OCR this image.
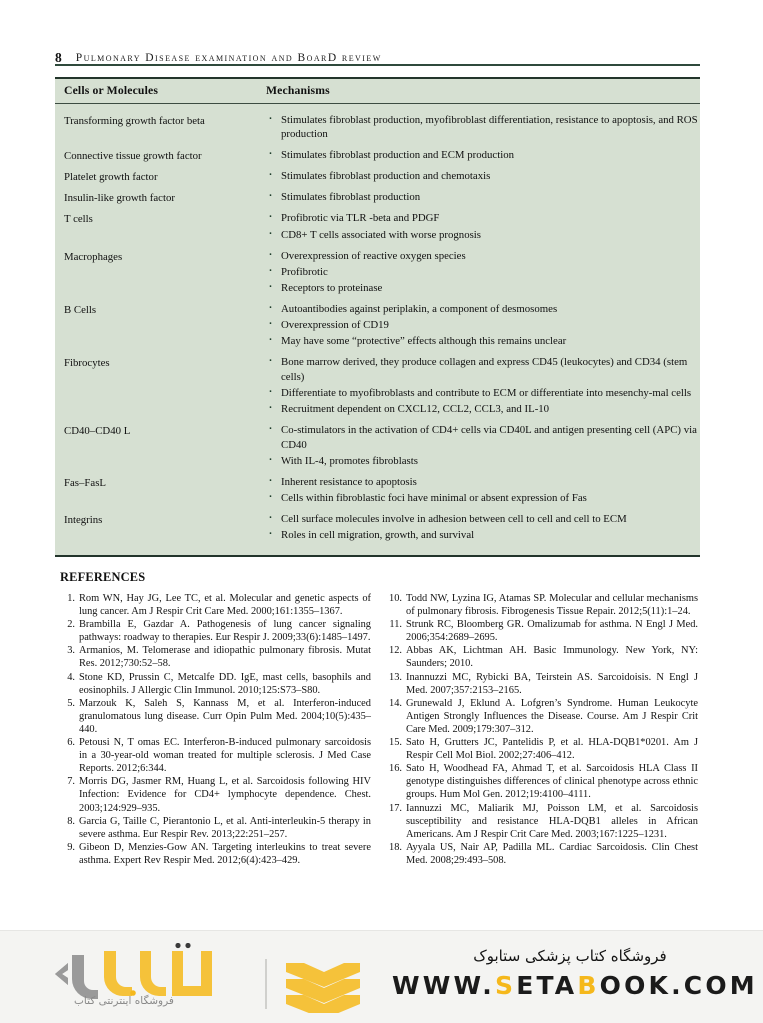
8 Pulmonary Disease examination and BoarD review
Cells or Molecules	Mechanisms
Transforming growth factor beta	· Stimulates fibroblast production, myofibroblast differentiation, resistance to apoptosis, and ROS production
Connective tissue growth factor	· Stimulates fibroblast production and ECM production
Platelet growth factor	· Stimulates fibroblast production and chemotaxis
Insulin-like growth factor	· Stimulates fibroblast production
T cells	· Profibrotic via TLR -beta and PDGF
· CD8+ T cells associated with worse prognosis
Macrophages	· Overexpression of reactive oxygen species
· Profibrotic
· Receptors to proteinase
B Cells	· Autoantibodies against periplakin, a component of desmosomes
· Overexpression of CD19
· May have some “protective” effects although this remains unclear
Fibrocytes	· Bone marrow derived, they produce collagen and express CD45 (leukocytes) and CD34 (stem cells)
· Differentiate to myofibroblasts and contribute to ECM or differentiate into mesenchy-mal cells
· Recruitment dependent on CXCL12, CCL2, CCL3, and IL-10
CD40–CD40 L	· Co-stimulators in the activation of CD4+ cells via CD40L and antigen presenting cell (APC) via CD40
· With IL-4, promotes fibroblasts
Fas–FasL	· Inherent resistance to apoptosis
· Cells within fibroblastic foci have minimal or absent expression of Fas
Integrins	· Cell surface molecules involve in adhesion between cell to cell and cell to ECM
· Roles in cell migration, growth, and survival
REFERENCES
1. Rom WN, Hay JG, Lee TC, et al. Molecular and genetic aspects of lung cancer. Am J Respir Crit Care Med. 2000;161:1355–1367.
2. Brambilla E, Gazdar A. Pathogenesis of lung cancer signaling pathways: roadway to therapies. Eur Respir J. 2009;33(6):1485–1497.
3. Armanios, M. Telomerase and idiopathic pulmonary fibrosis. Mutat Res. 2012;730:52–58.
4. Stone KD, Prussin C, Metcalfe DD. IgE, mast cells, basophils and eosinophils. J Allergic Clin Immunol. 2010;125:S73–S80.
5. Marzouk K, Saleh S, Kannass M, et al. Interferon-induced granulomatous lung disease. Curr Opin Pulm Med. 2004;10(5):435–440.
6. Petousi N, T omas EC. Interferon-B-induced pulmonary sarcoidosis in a 30-year-old woman treated for multiple sclerosis. J Med Case Reports. 2012;6:344.
7. Morris DG, Jasmer RM, Huang L, et al. Sarcoidosis following HIV Infection: Evidence for CD4+ lymphocyte dependence. Chest. 2003;124:929–935.
8. Garcia G, Taille C, Pierantonio L, et al. Anti-interleukin-5 therapy in severe asthma. Eur Respir Rev. 2013;22:251–257.
9. Gibeon D, Menzies-Gow AN. Targeting interleukins to treat severe asthma. Expert Rev Respir Med. 2012;6(4):423–429.
10. Todd NW, Lyzina IG, Atamas SP. Molecular and cellular mechanisms of pulmonary fibrosis. Fibrogenesis Tissue Repair. 2012;5(11):1–24.
11. Strunk RC, Bloomberg GR. Omalizumab for asthma. N Engl J Med. 2006;354:2689–2695.
12. Abbas AK, Lichtman AH. Basic Immunology. New York, NY: Saunders; 2010.
13. Inannuzzi MC, Rybicki BA, Teirstein AS. Sarcoidoisis. N Engl J Med. 2007;357:2153–2165.
14. Grunewald J, Eklund A. Lofgren’s Syndrome. Human Leukocyte Antigen Strongly Influences the Disease. Course. Am J Respir Crit Care Med. 2009;179:307–312.
15. Sato H, Grutters JC, Pantelidis P, et al. HLA-DQB1*0201. Am J Respir Cell Mol Biol. 2002;27:406–412.
16. Sato H, Woodhead FA, Ahmad T, et al. Sarcoidosis HLA Class II genotype distinguishes differences of clinical phenotype across ethnic groups. Hum Mol Gen. 2012;19:4100–4111.
17. Iannuzzi MC, Maliarik MJ, Poisson LM, et al. Sarcoidosis susceptibility and resistance HLA-DQB1 alleles in African Americans. Am J Respir Crit Care Med. 2003;167:1225–1231.
18. Ayyala US, Nair AP, Padilla ML. Cardiac Sarcoidosis. Clin Chest Med. 2008;29:493–508.
فروشگاه اینترنتی کتاب
فروشگاه کتاب پزشکی ستابوک
WWW.SETABOOK.COM
